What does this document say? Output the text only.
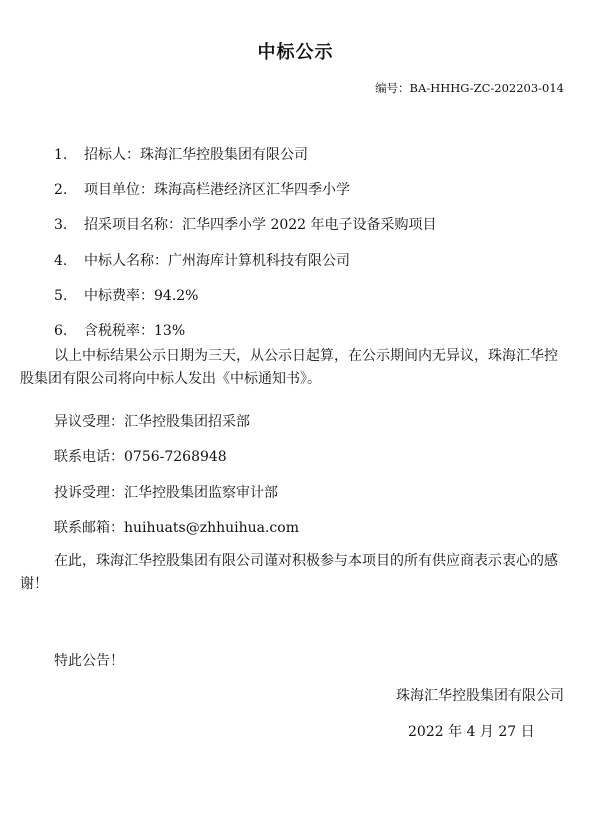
中标公示
编号：BA-HHHG-ZC-202203-014
1. 招标人：珠海汇华控股集团有限公司
2. 项目单位：珠海高栏港经济区汇华四季小学
3. 招采项目名称：汇华四季小学 2022 年电子设备采购项目
4. 中标人名称：广州海库计算机科技有限公司
5. 中标费率：94.2%
6. 含税税率：13%
以上中标结果公示日期为三天，从公示日起算，在公示期间内无异议，珠海汇华控股集团有限公司将向中标人发出《中标通知书》。
异议受理：汇华控股集团招采部
联系电话：0756-7268948
投诉受理：汇华控股集团监察审计部
联系邮箱：huihuats@zhhuihua.com
在此，珠海汇华控股集团有限公司谨对积极参与本项目的所有供应商表示衷心的感谢！
特此公告！
珠海汇华控股集团有限公司
2022 年 4 月 27 日
